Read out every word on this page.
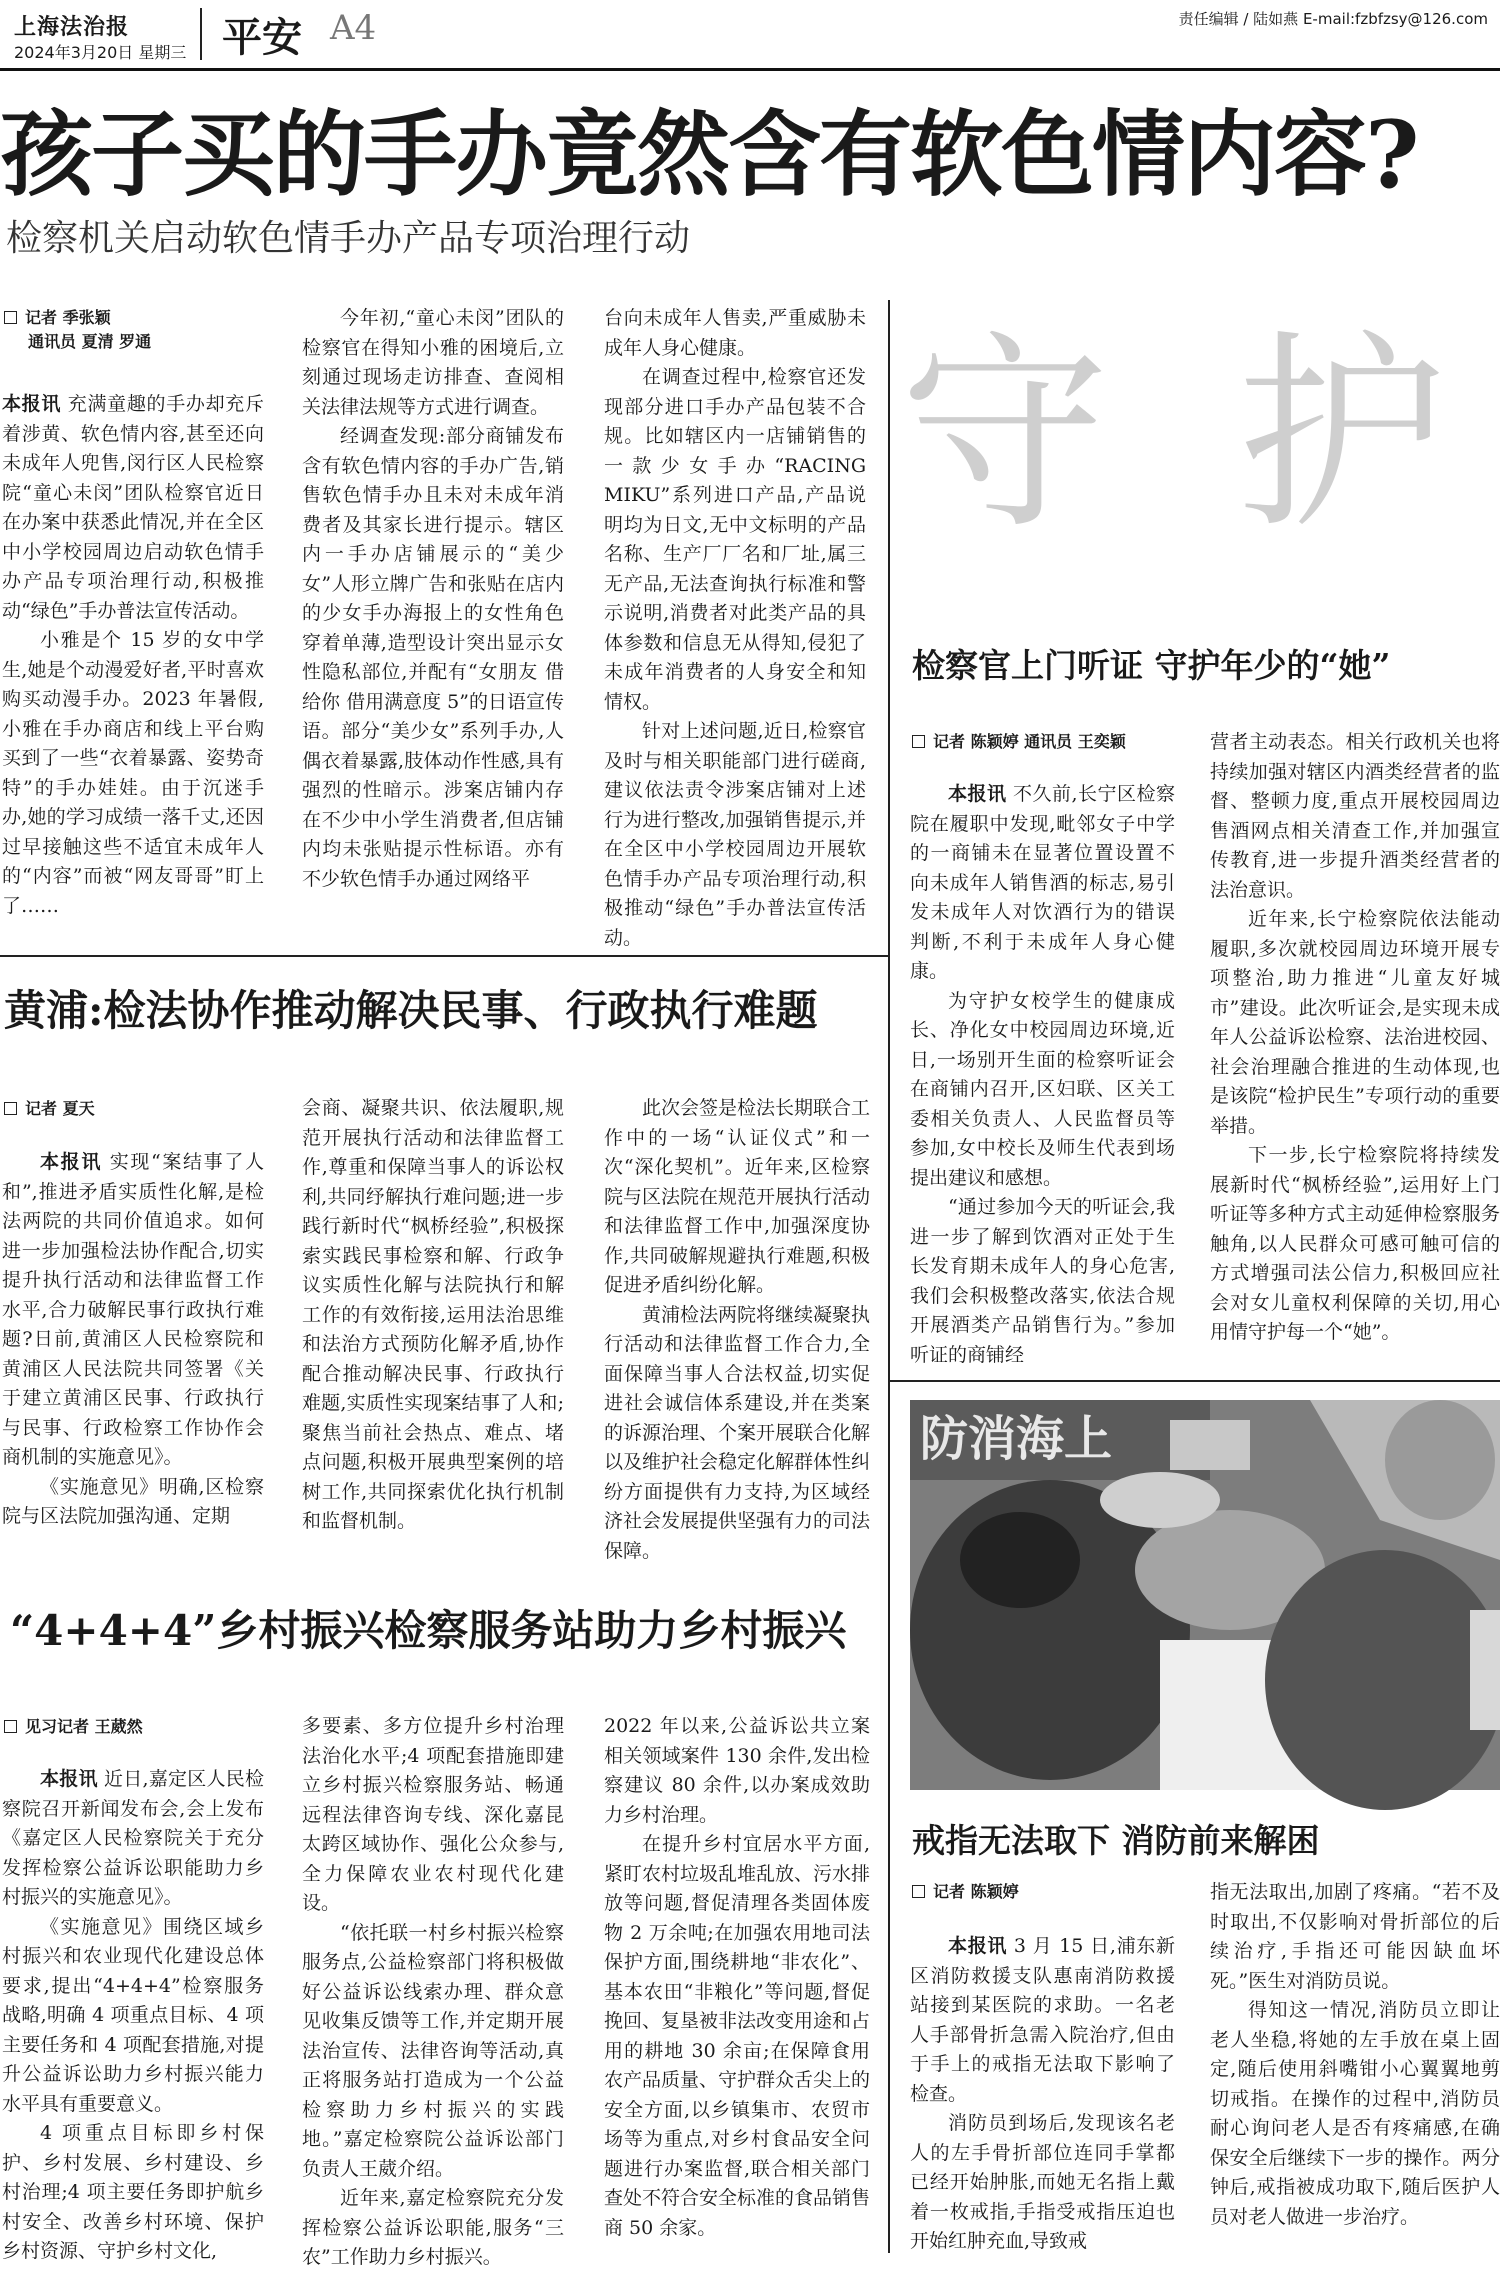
上海法治报
2024年3月20日 星期三 平安 A4	责任编辑 / 陆如燕 E-mail:fzbfzsy@126.com
孩子买的手办竟然含有软色情内容?
检察机关启动软色情手办产品专项治理行动
记者 季张颖
通讯员 夏清 罗通

本报讯 充满童趣的手办却充斥着涉黄、软色情内容,甚至还向未成年人兜售,闵行区人民检察院“童心未闵”团队检察官近日在办案中获悉此情况,并在全区中小学校园周边启动软色情手办产品专项治理行动,积极推动“绿色”手办普法宣传活动。

小雅是个 15 岁的女中学生,她是个动漫爱好者,平时喜欢购买动漫手办。2023 年暑假,小雅在手办商店和线上平台购买到了一些“衣着暴露、姿势奇特”的手办娃娃。由于沉迷手办,她的学习成绩一落千丈,还因过早接触这些不适宜未成年人的“内容”而被“网友哥哥”盯上了……

今年初,“童心未闵”团队的检察官在得知小雅的困境后,立刻通过现场走访排查、查阅相关法律法规等方式进行调查。

经调查发现:部分商铺发布含有软色情内容的手办广告,销售软色情手办且未对未成年消费者及其家长进行提示。辖区内一手办店铺展示的“美少女”人形立牌广告和张贴在店内的少女手办海报上的女性角色穿着单薄,造型设计突出显示女性隐私部位,并配有“女朋友 借给你 借用满意度 5”的日语宣传语。部分“美少女”系列手办,人偶衣着暴露,肢体动作性感,具有强烈的性暗示。涉案店铺内存在不少中小学生消费者,但店铺内均未张贴提示性标语。亦有不少软色情手办通过网络平

台向未成年人售卖,严重威胁未成年人身心健康。

在调查过程中,检察官还发现部分进口手办产品包装不合规。比如辖区内一店铺销售的一款少女手办“RACING MIKU”系列进口产品,产品说明均为日文,无中文标明的产品名称、生产厂厂名和厂址,属三无产品,无法查询执行标准和警示说明,消费者对此类产品的具体参数和信息无从得知,侵犯了未成年消费者的人身安全和知情权。

针对上述问题,近日,检察官及时与相关职能部门进行磋商,建议依法责令涉案店铺对上述行为进行整改,加强销售提示,并在全区中小学校园周边开展软色情手办产品专项治理行动,积极推动“绿色”手办普法宣传活动。

守 护
检察官上门听证 守护年少的“她”
记者 陈颖婷 通讯员 王奕颖

本报讯 不久前,长宁区检察院在履职中发现,毗邻女子中学的一商铺未在显著位置设置不向未成年人销售酒的标志,易引发未成年人对饮酒行为的错误判断,不利于未成年人身心健康。

为守护女校学生的健康成长、净化女中校园周边环境,近日,一场别开生面的检察听证会在商铺内召开,区妇联、区关工委相关负责人、人民监督员等参加,女中校长及师生代表到场提出建议和感想。

“通过参加今天的听证会,我进一步了解到饮酒对正处于生长发育期未成年人的身心危害,我们会积极整改落实,依法合规开展酒类产品销售行为。”参加听证的商铺经

营者主动表态。相关行政机关也将持续加强对辖区内酒类经营者的监督、整顿力度,重点开展校园周边售酒网点相关清查工作,并加强宣传教育,进一步提升酒类经营者的法治意识。

近年来,长宁检察院依法能动履职,多次就校园周边环境开展专项整治,助力推进“儿童友好城市”建设。此次听证会,是实现未成年人公益诉讼检察、法治进校园、社会治理融合推进的生动体现,也是该院“检护民生”专项行动的重要举措。

下一步,长宁检察院将持续发展新时代“枫桥经验”,运用好上门听证等多种方式主动延伸检察服务触角,以人民群众可感可触可信的方式增强司法公信力,积极回应社会对女儿童权利保障的关切,用心用情守护每一个“她”。

黄浦:检法协作推动解决民事、行政执行难题
记者 夏天

本报讯 实现“案结事了人和”,推进矛盾实质性化解,是检法两院的共同价值追求。如何进一步加强检法协作配合,切实提升执行活动和法律监督工作水平,合力破解民事行政执行难题?日前,黄浦区人民检察院和黄浦区人民法院共同签署《关于建立黄浦区民事、行政执行与民事、行政检察工作协作会商机制的实施意见》。

《实施意见》明确,区检察院与区法院加强沟通、定期

会商、凝聚共识、依法履职,规范开展执行活动和法律监督工作,尊重和保障当事人的诉讼权利,共同纾解执行难问题;进一步践行新时代“枫桥经验”,积极探索实践民事检察和解、行政争议实质性化解与法院执行和解工作的有效衔接,运用法治思维和法治方式预防化解矛盾,协作配合推动解决民事、行政执行难题,实质性实现案结事了人和;聚焦当前社会热点、难点、堵点问题,积极开展典型案例的培树工作,共同探索优化执行机制和监督机制。

此次会签是检法长期联合工作中的一场“认证仪式”和一次“深化契机”。近年来,区检察院与区法院在规范开展执行活动和法律监督工作中,加强深度协作,共同破解规避执行难题,积极促进矛盾纠纷化解。

黄浦检法两院将继续凝聚执行活动和法律监督工作合力,全面保障当事人合法权益,切实促进社会诚信体系建设,并在类案的诉源治理、个案开展联合化解以及维护社会稳定化解群体性纠纷方面提供有力支持,为区域经济社会发展提供坚强有力的司法保障。

“4+4+4”乡村振兴检察服务站助力乡村振兴
见习记者 王葳然

本报讯 近日,嘉定区人民检察院召开新闻发布会,会上发布《嘉定区人民检察院关于充分发挥检察公益诉讼职能助力乡村振兴的实施意见》。

《实施意见》围绕区域乡村振兴和农业现代化建设总体要求,提出“4+4+4”检察服务战略,明确 4 项重点目标、4 项主要任务和 4 项配套措施,对提升公益诉讼助力乡村振兴能力水平具有重要意义。

4 项重点目标即乡村保护、乡村发展、乡村建设、乡村治理;4 项主要任务即护航乡村安全、改善乡村环境、保护乡村资源、守护乡村文化,

多要素、多方位提升乡村治理法治化水平;4 项配套措施即建立乡村振兴检察服务站、畅通远程法律咨询专线、深化嘉昆太跨区域协作、强化公众参与,全力保障农业农村现代化建设。

“依托联一村乡村振兴检察服务点,公益检察部门将积极做好公益诉讼线索办理、群众意见收集反馈等工作,并定期开展法治宣传、法律咨询等活动,真正将服务站打造成为一个公益检察助力乡村振兴的实践地。”嘉定检察院公益诉讼部门负责人王葳介绍。

近年来,嘉定检察院充分发挥检察公益诉讼职能,服务“三农”工作助力乡村振兴。

2022 年以来,公益诉讼共立案相关领域案件 130 余件,发出检察建议 80 余件,以办案成效助力乡村治理。

在提升乡村宜居水平方面,紧盯农村垃圾乱堆乱放、污水排放等问题,督促清理各类固体废物 2 万余吨;在加强农用地司法保护方面,围绕耕地“非农化”、基本农田“非粮化”等问题,督促挽回、复垦被非法改变用途和占用的耕地 30 余亩;在保障食用农产品质量、守护群众舌尖上的安全方面,以乡镇集市、农贸市场等为重点,对乡村食品安全问题进行办案监督,联合相关部门查处不符合安全标准的食品销售商 50 余家。

防消海上
戒指无法取下 消防前来解困
记者 陈颖婷

本报讯 3 月 15 日,浦东新区消防救援支队惠南消防救援站接到某医院的求助。一名老人手部骨折急需入院治疗,但由于手上的戒指无法取下影响了检查。

消防员到场后,发现该名老人的左手骨折部位连同手掌都已经开始肿胀,而她无名指上戴着一枚戒指,手指受戒指压迫也开始红肿充血,导致戒

指无法取出,加剧了疼痛。“若不及时取出,不仅影响对骨折部位的后续治疗,手指还可能因缺血坏死。”医生对消防员说。

得知这一情况,消防员立即让老人坐稳,将她的左手放在桌上固定,随后使用斜嘴钳小心翼翼地剪切戒指。在操作的过程中,消防员耐心询问老人是否有疼痛感,在确保安全后继续下一步的操作。两分钟后,戒指被成功取下,随后医护人员对老人做进一步治疗。
